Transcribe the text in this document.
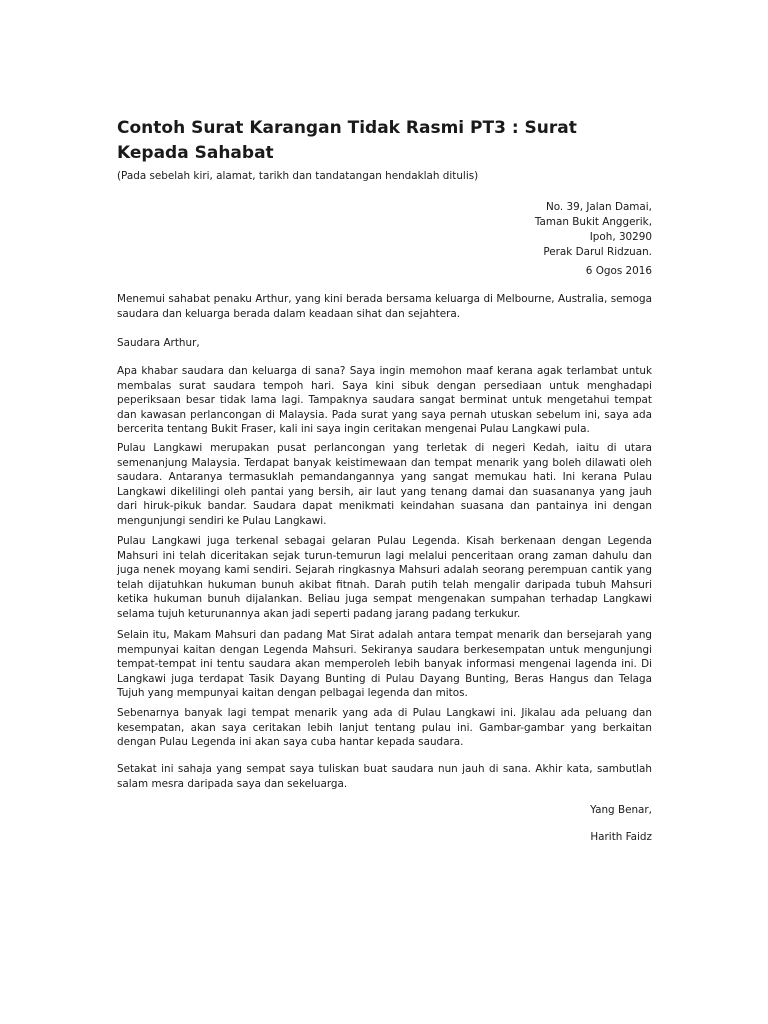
Contoh Surat Karangan Tidak Rasmi PT3 : Surat Kepada Sahabat

(Pada sebelah kiri, alamat, tarikh dan tandatangan hendaklah ditulis)

No. 39, Jalan Damai,
Taman Bukit Anggerik,
Ipoh, 30290
Perak Darul Ridzuan.
6 Ogos 2016

Menemui sahabat penaku Arthur, yang kini berada bersama keluarga di Melbourne, Australia, semoga saudara dan keluarga berada dalam keadaan sihat dan sejahtera.

Saudara Arthur,

Apa khabar saudara dan keluarga di sana? Saya ingin memohon maaf kerana agak terlambat untuk membalas surat saudara tempoh hari. Saya kini sibuk dengan persediaan untuk menghadapi peperiksaan besar tidak lama lagi. Tampaknya saudara sangat berminat untuk mengetahui tempat dan kawasan perlancongan di Malaysia. Pada surat yang saya pernah utuskan sebelum ini, saya ada bercerita tentang Bukit Fraser, kali ini saya ingin ceritakan mengenai Pulau Langkawi pula.

Pulau Langkawi merupakan pusat perlancongan yang terletak di negeri Kedah, iaitu di utara semenanjung Malaysia. Terdapat banyak keistimewaan dan tempat menarik yang boleh dilawati oleh saudara. Antaranya termasuklah pemandangannya yang sangat memukau hati. Ini kerana Pulau Langkawi dikelilingi oleh pantai yang bersih, air laut yang tenang damai dan suasananya yang jauh dari hiruk-pikuk bandar. Saudara dapat menikmati keindahan suasana dan pantainya ini dengan mengunjungi sendiri ke Pulau Langkawi.

Pulau Langkawi juga terkenal sebagai gelaran Pulau Legenda. Kisah berkenaan dengan Legenda Mahsuri ini telah diceritakan sejak turun-temurun lagi melalui penceritaan orang zaman dahulu dan juga nenek moyang kami sendiri. Sejarah ringkasnya Mahsuri adalah seorang perempuan cantik yang telah dijatuhkan hukuman bunuh akibat fitnah. Darah putih telah mengalir daripada tubuh Mahsuri ketika hukuman bunuh dijalankan. Beliau juga sempat mengenakan sumpahan terhadap Langkawi selama tujuh keturunannya akan jadi seperti padang jarang padang terkukur.

Selain itu, Makam Mahsuri dan padang Mat Sirat adalah antara tempat menarik dan bersejarah yang mempunyai kaitan dengan Legenda Mahsuri. Sekiranya saudara berkesempatan untuk mengunjungi tempat-tempat ini tentu saudara akan memperoleh lebih banyak informasi mengenai lagenda ini. Di Langkawi juga terdapat Tasik Dayang Bunting di Pulau Dayang Bunting, Beras Hangus dan Telaga Tujuh yang mempunyai kaitan dengan pelbagai legenda dan mitos.

Sebenarnya banyak lagi tempat menarik yang ada di Pulau Langkawi ini. Jikalau ada peluang dan kesempatan, akan saya ceritakan lebih lanjut tentang pulau ini. Gambar-gambar yang berkaitan dengan Pulau Legenda ini akan saya cuba hantar kepada saudara.

Setakat ini sahaja yang sempat saya tuliskan buat saudara nun jauh di sana. Akhir kata, sambutlah salam mesra daripada saya dan sekeluarga.

Yang Benar,
Harith Faidz
